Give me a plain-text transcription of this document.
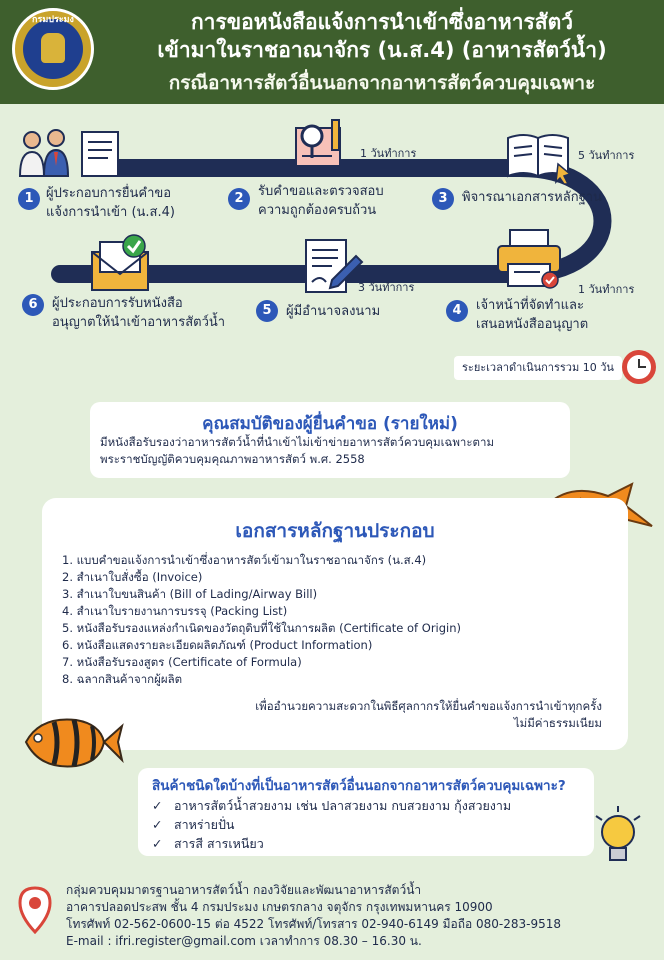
กรมประมง	การขอหนังสือแจ้งการนำเข้าซึ่งอาหารสัตว์
เข้ามาในราชอาณาจักร (น.ส.4) (อาหารสัตว์น้ำ)
กรณีอาหารสัตว์อื่นนอกจากอาหารสัตว์ควบคุมเฉพาะ
1 ผู้ประกอบการยื่นคำขอ
แจ้งการนำเข้า (น.ส.4)
1 วันทำการ
2	รับคำขอและตรวจสอบ
ความถูกต้องครบถ้วน
5 วันทำการ
3	พิจารณาเอกสารหลักฐาน
1 วันทำการ
4	เจ้าหน้าที่จัดทำและ
เสนอหนังสืออนุญาต
3 วันทำการ
5	ผู้มีอำนาจลงนาม
6	ผู้ประกอบการรับหนังสือ
อนุญาตให้นำเข้าอาหารสัตว์น้ำ
ระยะเวลาดำเนินการรวม 10 วัน
คุณสมบัติของผู้ยื่นคำขอ (รายใหม่)
มีหนังสือรับรองว่าอาหารสัตว์น้ำที่นำเข้าไม่เข้าข่ายอาหารสัตว์ควบคุมเฉพาะตาม
พระราชบัญญัติควบคุมคุณภาพอาหารสัตว์ พ.ศ. 2558
เอกสารหลักฐานประกอบ
1. แบบคำขอแจ้งการนำเข้าซึ่งอาหารสัตว์เข้ามาในราชอาณาจักร (น.ส.4)
2. สำเนาใบสั่งซื้อ (Invoice)
3. สำเนาใบขนสินค้า (Bill of Lading/Airway Bill)
4. สำเนาใบรายงานการบรรจุ (Packing List)
5. หนังสือรับรองแหล่งกำเนิดของวัตถุดิบที่ใช้ในการผลิต (Certificate of Origin)
6. หนังสือแสดงรายละเอียดผลิตภัณฑ์ (Product Information)
7. หนังสือรับรองสูตร (Certificate of Formula)
8. ฉลากสินค้าจากผู้ผลิต
เพื่ออำนวยความสะดวกในพิธีศุลกากรให้ยื่นคำขอแจ้งการนำเข้าทุกครั้ง
ไม่มีค่าธรรมเนียม
สินค้าชนิดใดบ้างที่เป็นอาหารสัตว์อื่นนอกจากอาหารสัตว์ควบคุมเฉพาะ?
✓ อาหารสัตว์น้ำสวยงาม เช่น ปลาสวยงาม กบสวยงาม กุ้งสวยงาม
✓ สาหร่ายปั่น
✓ สารสี สารเหนียว
กลุ่มควบคุมมาตรฐานอาหารสัตว์น้ำ กองวิจัยและพัฒนาอาหารสัตว์น้ำ
อาคารปลอดประสพ ชั้น 4 กรมประมง เกษตรกลาง จตุจักร กรุงเทพมหานคร 10900
โทรศัพท์ 02-562-0600-15 ต่อ 4522 โทรศัพท์/โทรสาร 02-940-6149 มือถือ 080-283-9518
E-mail : ifri.register@gmail.com เวลาทำการ 08.30 – 16.30 น.
